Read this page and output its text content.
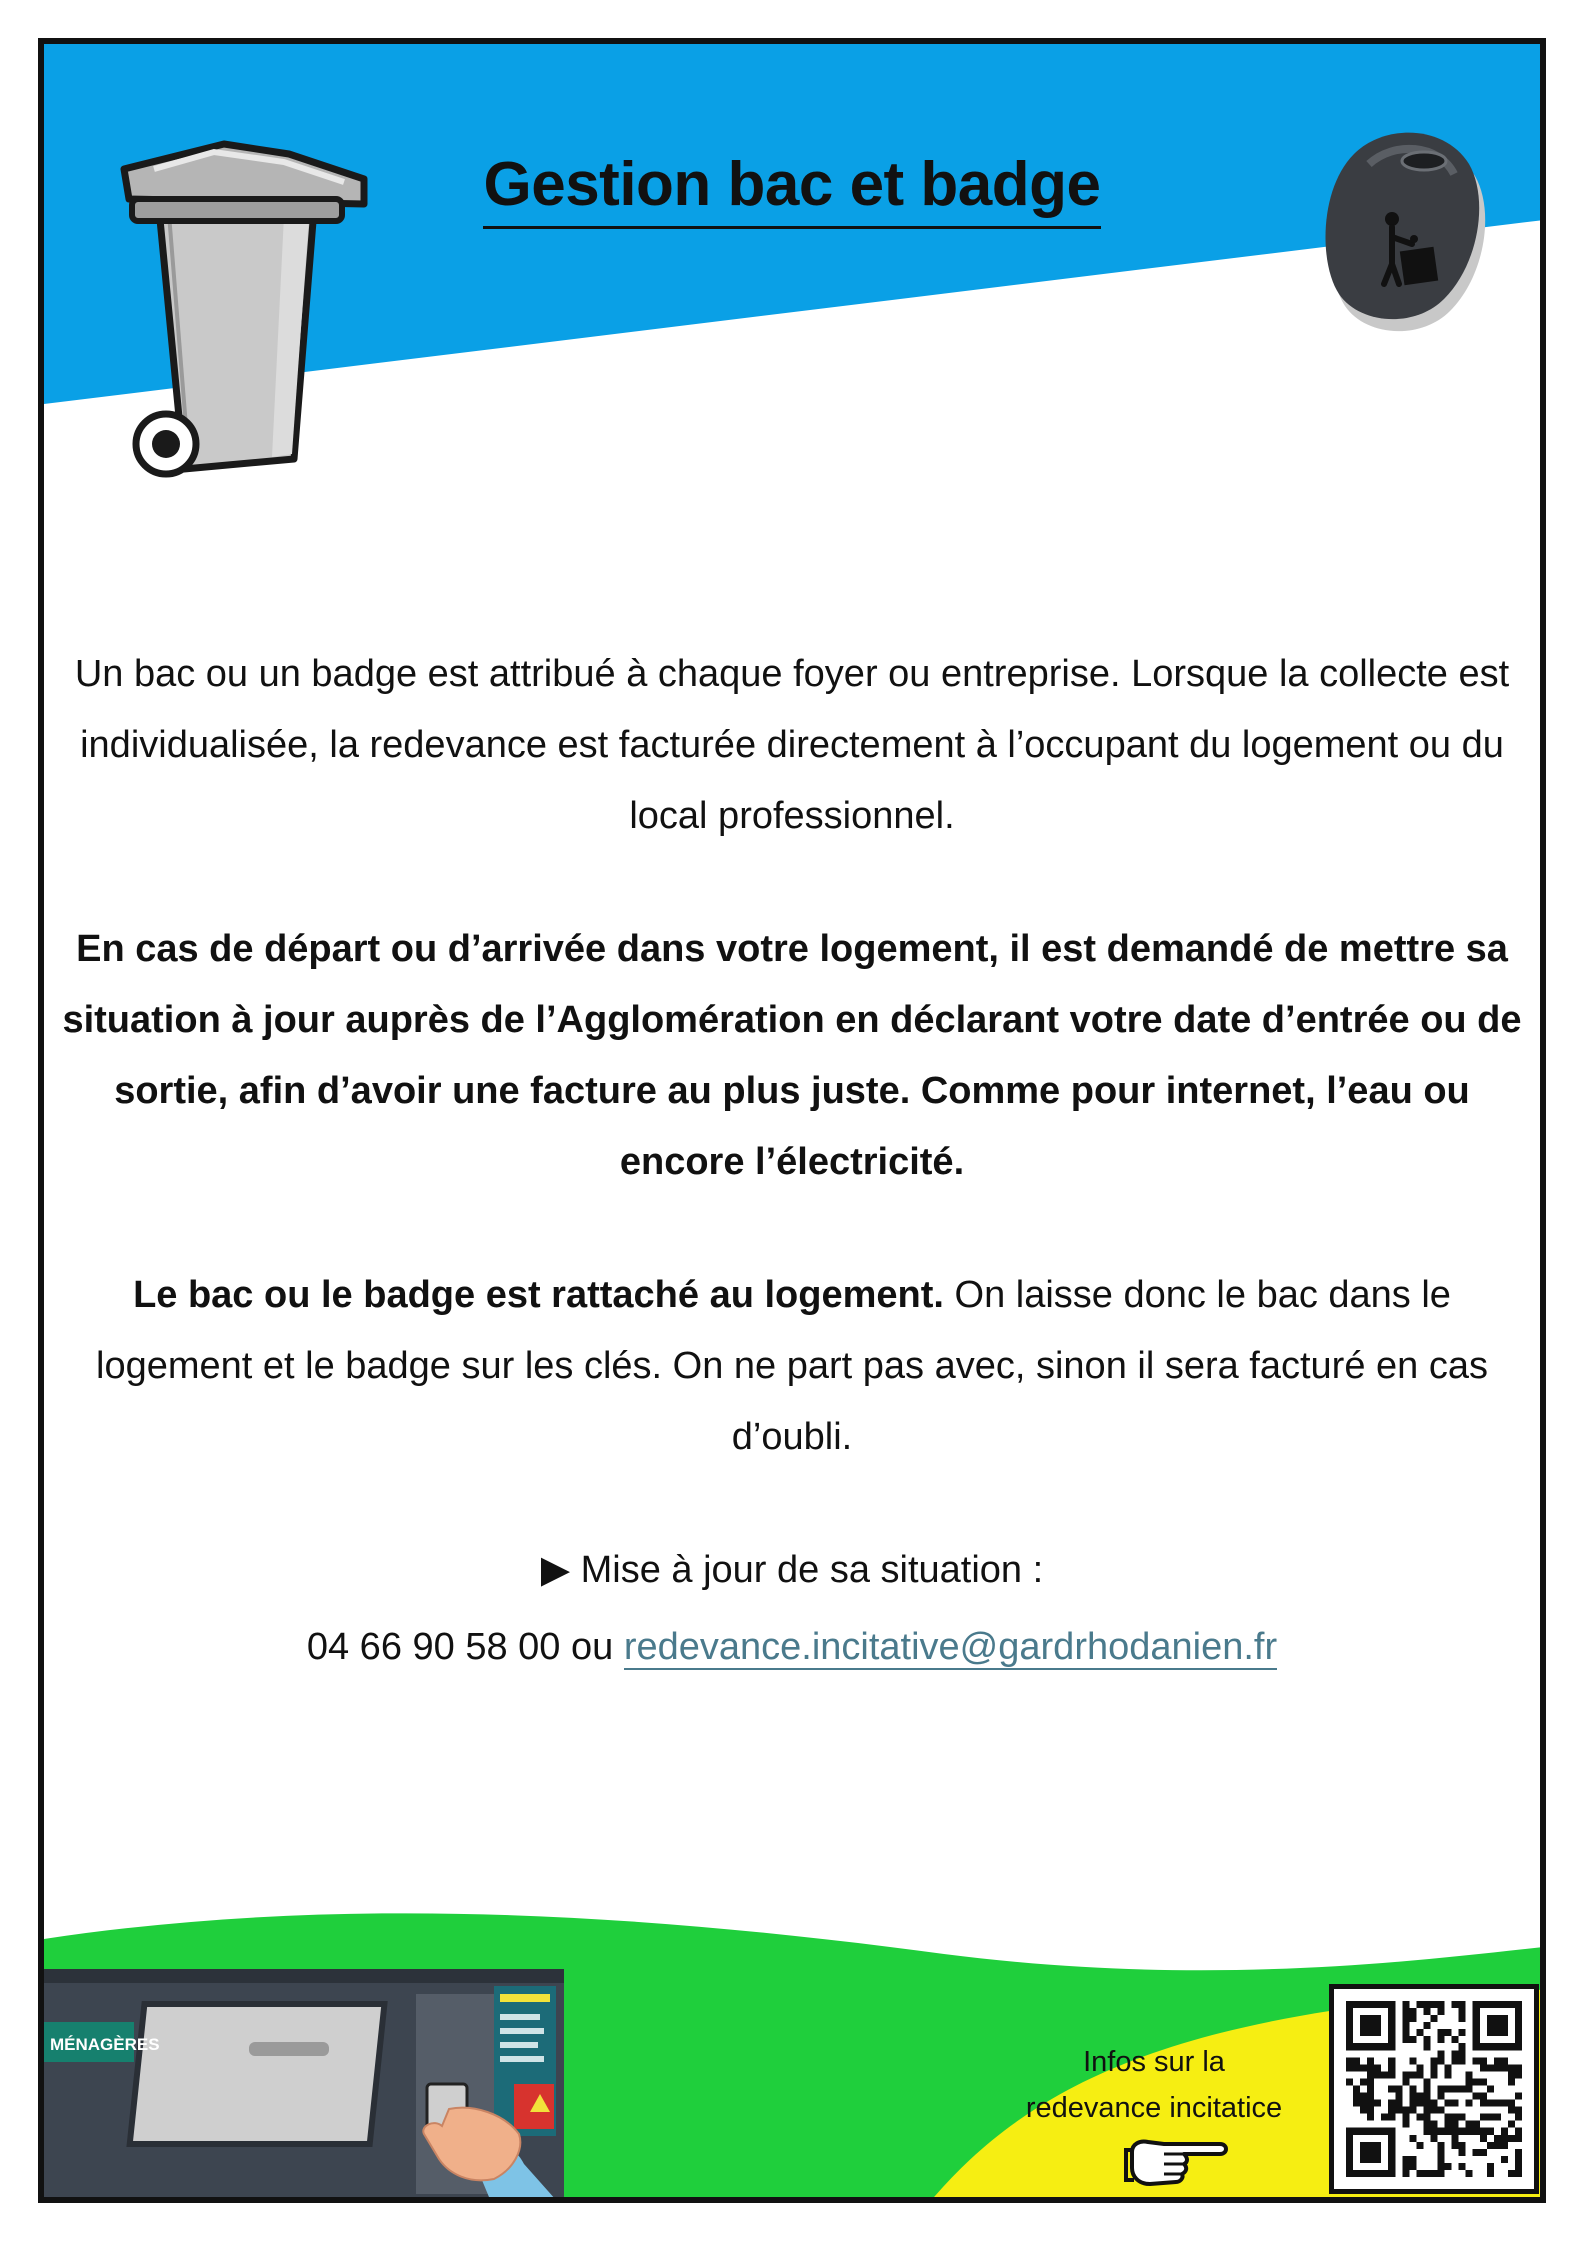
Gestion bac et badge
MÉNAGÈRES

Un bac ou un badge est attribué à chaque foyer ou entreprise. Lorsque la collecte est individualisée, la redevance est facturée directement à l’occupant du logement ou du local professionnel.

En cas de départ ou d’arrivée dans votre logement, il est demandé de mettre sa situation à jour auprès de l’Agglomération en déclarant votre date d’entrée ou de sortie, afin d’avoir une facture au plus juste. Comme pour internet, l’eau ou encore l’électricité.

Le bac ou le badge est rattaché au logement. On laisse donc le bac dans le logement et le badge sur les clés. On ne part pas avec, sinon il sera facturé en cas d’oubli.

▶ Mise à jour de sa situation :

04 66 90 58 00 ou redevance.incitative@gardrhodanien.fr

Infos sur la
redevance incitatice
